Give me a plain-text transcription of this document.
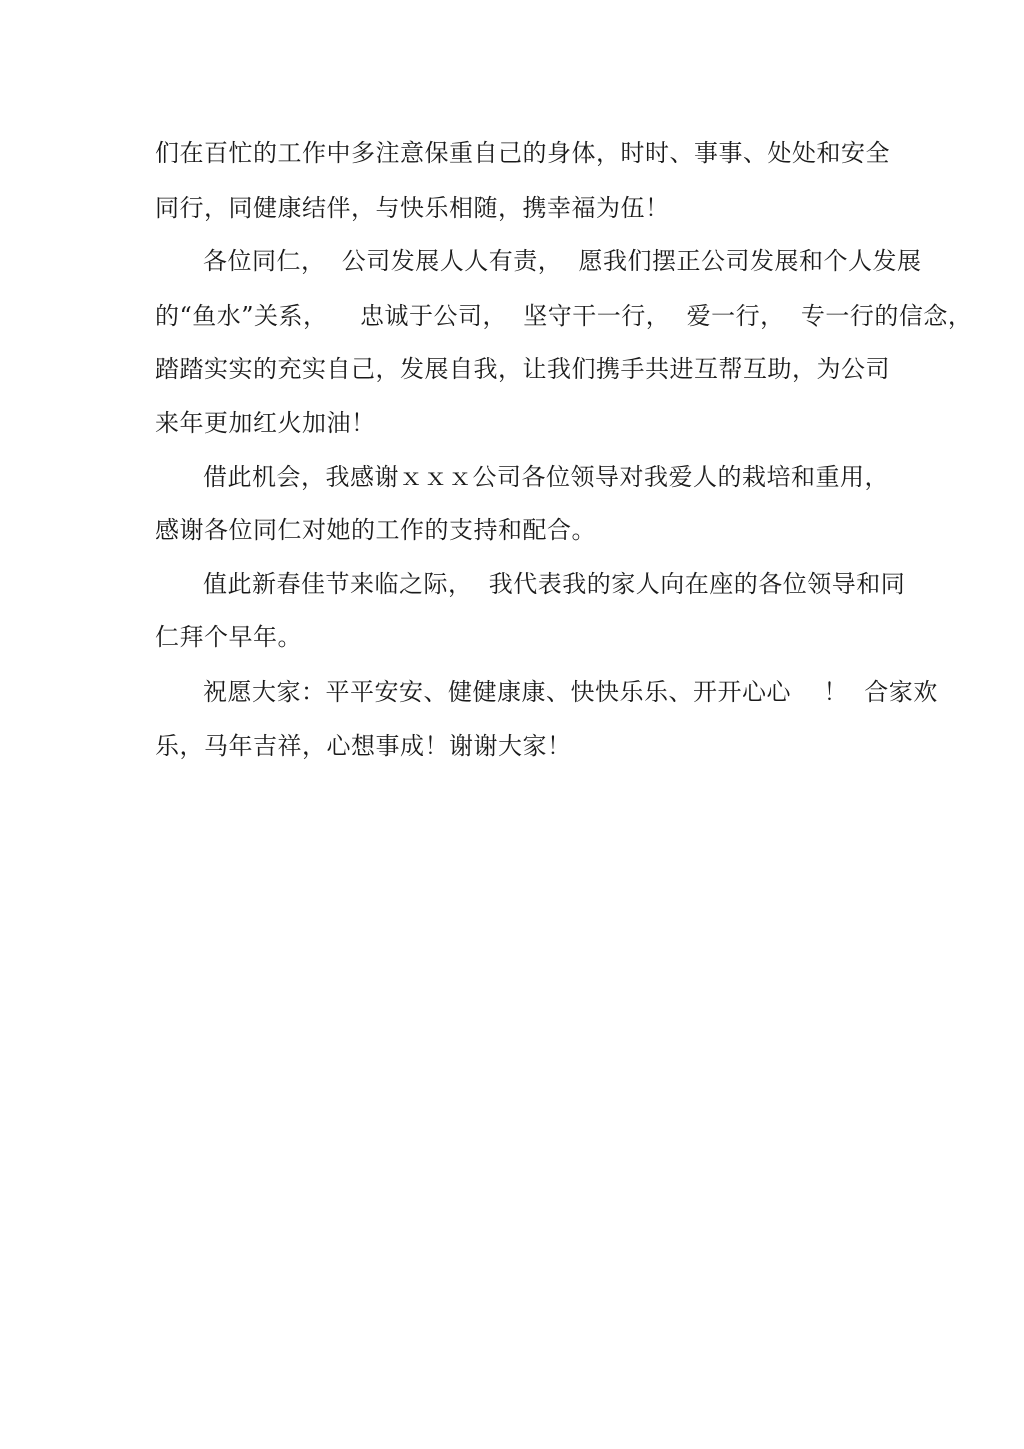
们在百忙的工作中多注意保重自己的身体，时时、事事、处处和安全
同行，同健康结伴，与快乐相随，携幸福为伍！
各位同仁，  公司发展人人有责，  愿我们摆正公司发展和个人发展
的“鱼水”关系，    忠诚于公司，  坚守干一行，  爱一行，  专一行的信念，
踏踏实实的充实自己，发展自我，让我们携手共进互帮互助，为公司
来年更加红火加油！
借此机会，我感谢ｘｘｘ公司各位领导对我爱人的栽培和重用，
感谢各位同仁对她的工作的支持和配合。
值此新春佳节来临之际，  我代表我的家人向在座的各位领导和同
仁拜个早年。
祝愿大家：平平安安、健健康康、快快乐乐、开开心心    ！  合家欢
乐，马年吉祥，心想事成！谢谢大家！
